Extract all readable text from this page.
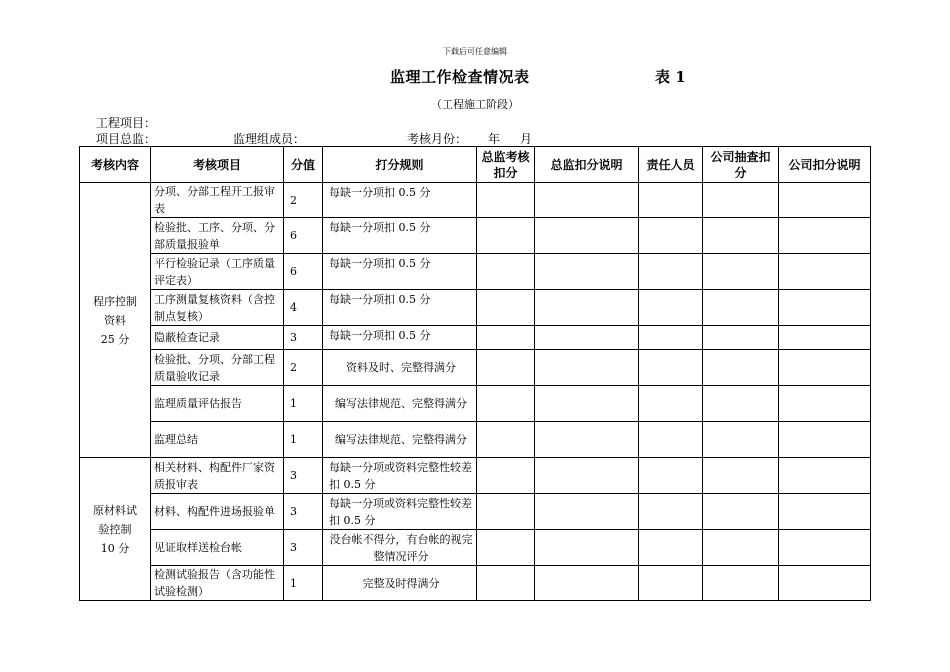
下载后可任意编辑
监理工作检查情况表	表 1
（工程施工阶段）
工程项目：
项目总监：	监理组成员：	考核月份： 年 月
考核内容	考核项目	分值	打分规则	总监考核扣分	总监扣分说明	责任人员	公司抽查扣分	公司扣分说明

程序控制
资料
25 分	分项、分部工程开工报审表	2	每缺一分项扣 0.5 分					
	检验批、工序、分项、分部质量报验单	6	每缺一分项扣 0.5 分					
	平行检验记录（工序质量评定表）	6	每缺一分项扣 0.5 分					
	工序测量复核资料（含控制点复核）	4	每缺一分项扣 0.5 分					
	隐蔽检查记录	3	每缺一分项扣 0.5 分					
	检验批、分项、分部工程质量验收记录	2	资料及时、完整得满分					
	监理质量评估报告	1	编写法律规范、完整得满分					
	监理总结	1	编写法律规范、完整得满分					

原材料试
验控制
10 分	相关材料、构配件厂家资质报审表	3	每缺一分项或资料完整性较差扣 0.5 分					
	材料、构配件进场报验单	3	每缺一分项或资料完整性较差扣 0.5 分					
	见证取样送检台帐	3	没台帐不得分，有台帐的视完整情况评分					
	检测试验报告（含功能性试验检测）	1	完整及时得满分					
